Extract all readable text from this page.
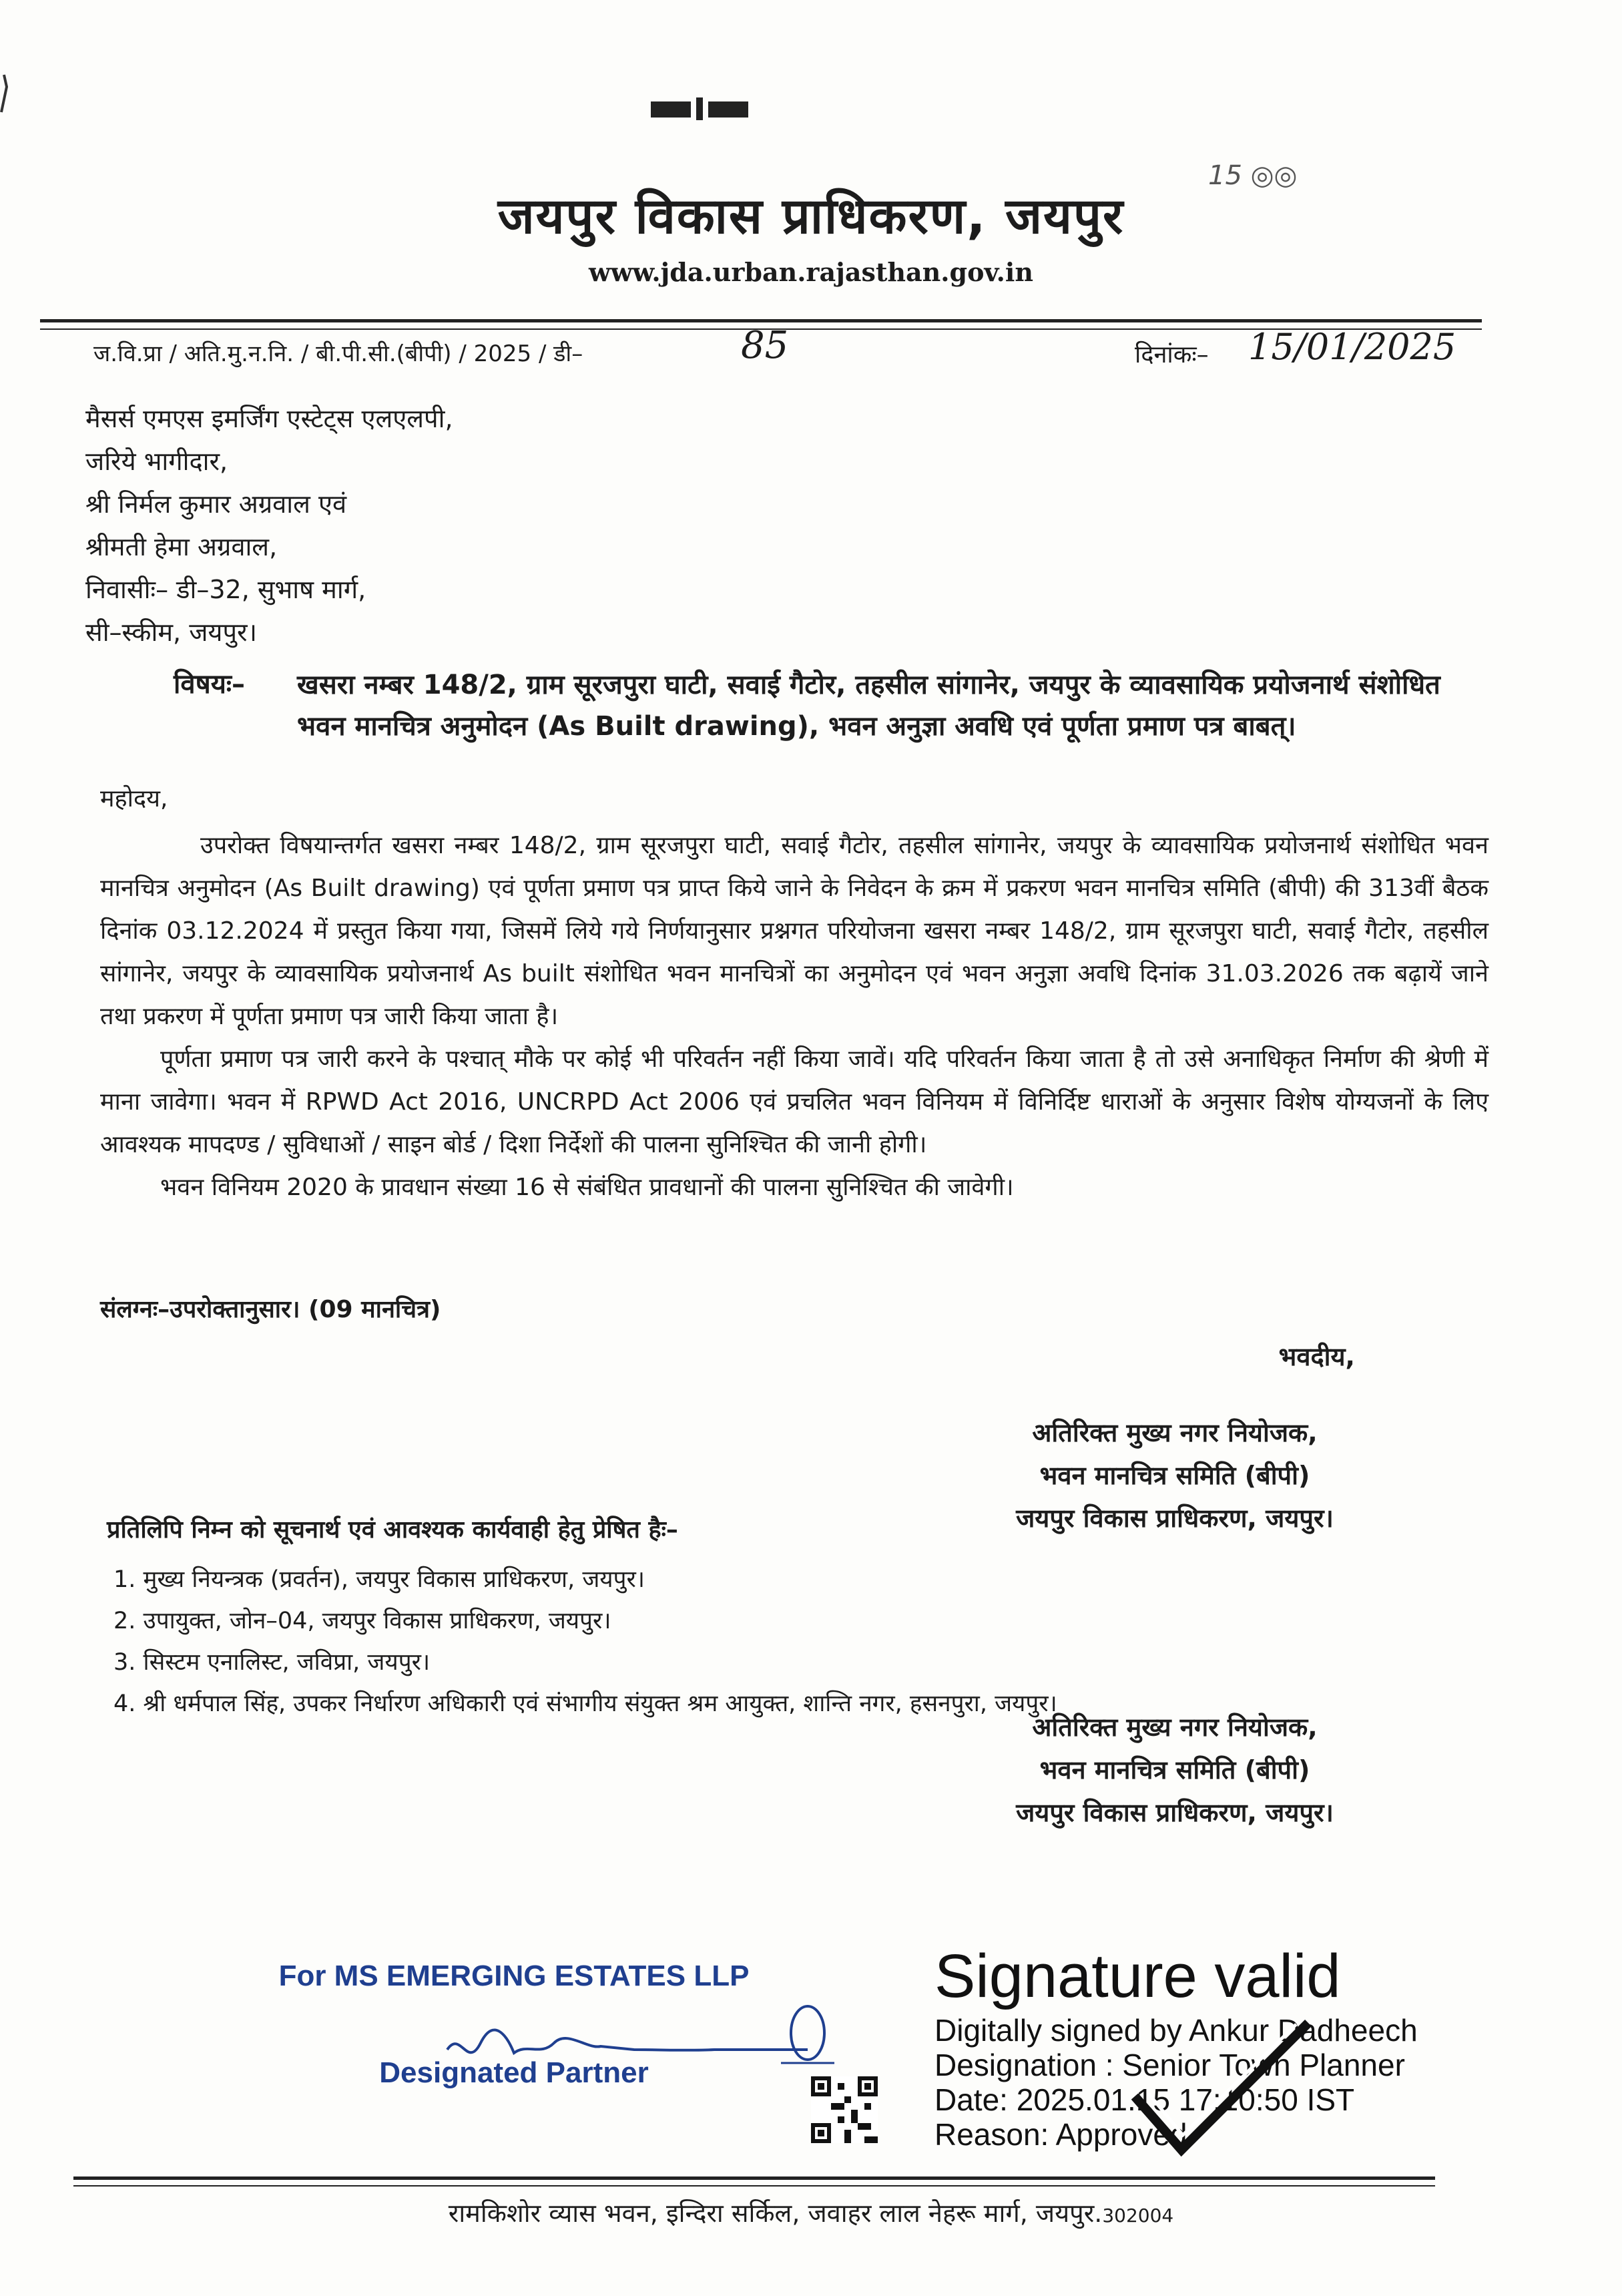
15 ◎◎
जयपुर विकास प्राधिकरण, जयपुर
www.jda.urban.rajasthan.gov.in
ज.वि.प्रा / अति.मु.न.नि. / बी.पी.सी.(बीपी) / 2025 / डी–	85	दिनांकः– 15/01/2025
मैसर्स एमएस इमर्जिंग एस्टेट्स एलएलपी,
जरिये भागीदार,
श्री निर्मल कुमार अग्रवाल एवं
श्रीमती हेमा अग्रवाल,
निवासीः– डी–32, सुभाष मार्ग,
सी–स्कीम, जयपुर।
विषयः– खसरा नम्बर 148/2, ग्राम सूरजपुरा घाटी, सवाई गैटोर, तहसील सांगानेर, जयपुर के व्यावसायिक प्रयोजनार्थ संशोधित भवन मानचित्र अनुमोदन (As Built drawing), भवन अनुज्ञा अवधि एवं पूर्णता प्रमाण पत्र बाबत्।
महोदय,

उपरोक्त विषयान्तर्गत खसरा नम्बर 148/2, ग्राम सूरजपुरा घाटी, सवाई गैटोर, तहसील सांगानेर, जयपुर के व्यावसायिक प्रयोजनार्थ संशोधित भवन मानचित्र अनुमोदन (As Built drawing) एवं पूर्णता प्रमाण पत्र प्राप्त किये जाने के निवेदन के क्रम में प्रकरण भवन मानचित्र समिति (बीपी) की 313वीं बैठक दिनांक 03.12.2024 में प्रस्तुत किया गया, जिसमें लिये गये निर्णयानुसार प्रश्नगत परियोजना खसरा नम्बर 148/2, ग्राम सूरजपुरा घाटी, सवाई गैटोर, तहसील सांगानेर, जयपुर के व्यावसायिक प्रयोजनार्थ As built संशोधित भवन मानचित्रों का अनुमोदन एवं भवन अनुज्ञा अवधि दिनांक 31.03.2026 तक बढ़ायें जाने तथा प्रकरण में पूर्णता प्रमाण पत्र जारी किया जाता है।

पूर्णता प्रमाण पत्र जारी करने के पश्चात् मौके पर कोई भी परिवर्तन नहीं किया जावें। यदि परिवर्तन किया जाता है तो उसे अनाधिकृत निर्माण की श्रेणी में माना जावेगा। भवन में RPWD Act 2016, UNCRPD Act 2006 एवं प्रचलित भवन विनियम में विनिर्दिष्ट धाराओं के अनुसार विशेष योग्यजनों के लिए आवश्यक मापदण्ड / सुविधाओं / साइन बोर्ड / दिशा निर्देशों की पालना सुनिश्चित की जानी होगी।

भवन विनियम 2020 के प्रावधान संख्या 16 से संबंधित प्रावधानों की पालना सुनिश्चित की जावेगी।

संलग्नः–उपरोक्तानुसार। (09 मानचित्र)
भवदीय,
अतिरिक्त मुख्य नगर नियोजक,
भवन मानचित्र समिति (बीपी)
जयपुर विकास प्राधिकरण, जयपुर।
प्रतिलिपि निम्न को सूचनार्थ एवं आवश्यक कार्यवाही हेतु प्रेषित हैः–
1. मुख्य नियन्त्रक (प्रवर्तन), जयपुर विकास प्राधिकरण, जयपुर।
2. उपायुक्त, जोन–04, जयपुर विकास प्राधिकरण, जयपुर।
3. सिस्टम एनालिस्ट, जविप्रा, जयपुर।
4. श्री धर्मपाल सिंह, उपकर निर्धारण अधिकारी एवं संभागीय संयुक्त श्रम आयुक्त, शान्ति नगर, हसनपुरा, जयपुर।
अतिरिक्त मुख्य नगर नियोजक,
भवन मानचित्र समिति (बीपी)
जयपुर विकास प्राधिकरण, जयपुर।
For MS EMERGING ESTATES LLP
Designated Partner
Signature valid
Digitally signed by Ankur Dadheech
Designation : Senior Town Planner
Date: 2025.01.15 17:10:50 IST
Reason: Approved
रामकिशोर व्यास भवन, इन्दिरा सर्किल, जवाहर लाल नेहरू मार्ग, जयपुर.302004
